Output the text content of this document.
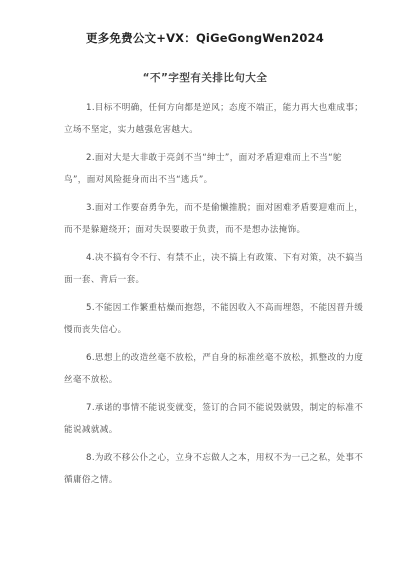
更多免费公文+VX：QiGeGongWen2024
“不”字型有关排比句大全

1.目标不明确，任何方向都是逆风；态度不端正，能力再大也难成事；立场不坚定，实力越强危害越大。

2.面对大是大非敢于亮剑不当“绅士”，面对矛盾迎难而上不当“鸵鸟”，面对风险挺身而出不当“逃兵”。

3.面对工作要奋勇争先，而不是偷懒推脱；面对困难矛盾要迎难而上，而不是躲避绕开；面对失误要敢于负责，而不是想办法掩饰。

4.决不搞有令不行、有禁不止，决不搞上有政策、下有对策，决不搞当面一套、背后一套。

5.不能因工作繁重枯燥而抱怨，不能因收入不高而埋怨，不能因晋升缓慢而丧失信心。

6.思想上的改造丝毫不放松，严自身的标准丝毫不放松，抓整改的力度丝毫不放松。

7.承诺的事情不能说变就变，签订的合同不能说毁就毁，制定的标准不能说减就减。

8.为政不移公仆之心，立身不忘做人之本，用权不为一己之私，处事不循庸俗之情。
